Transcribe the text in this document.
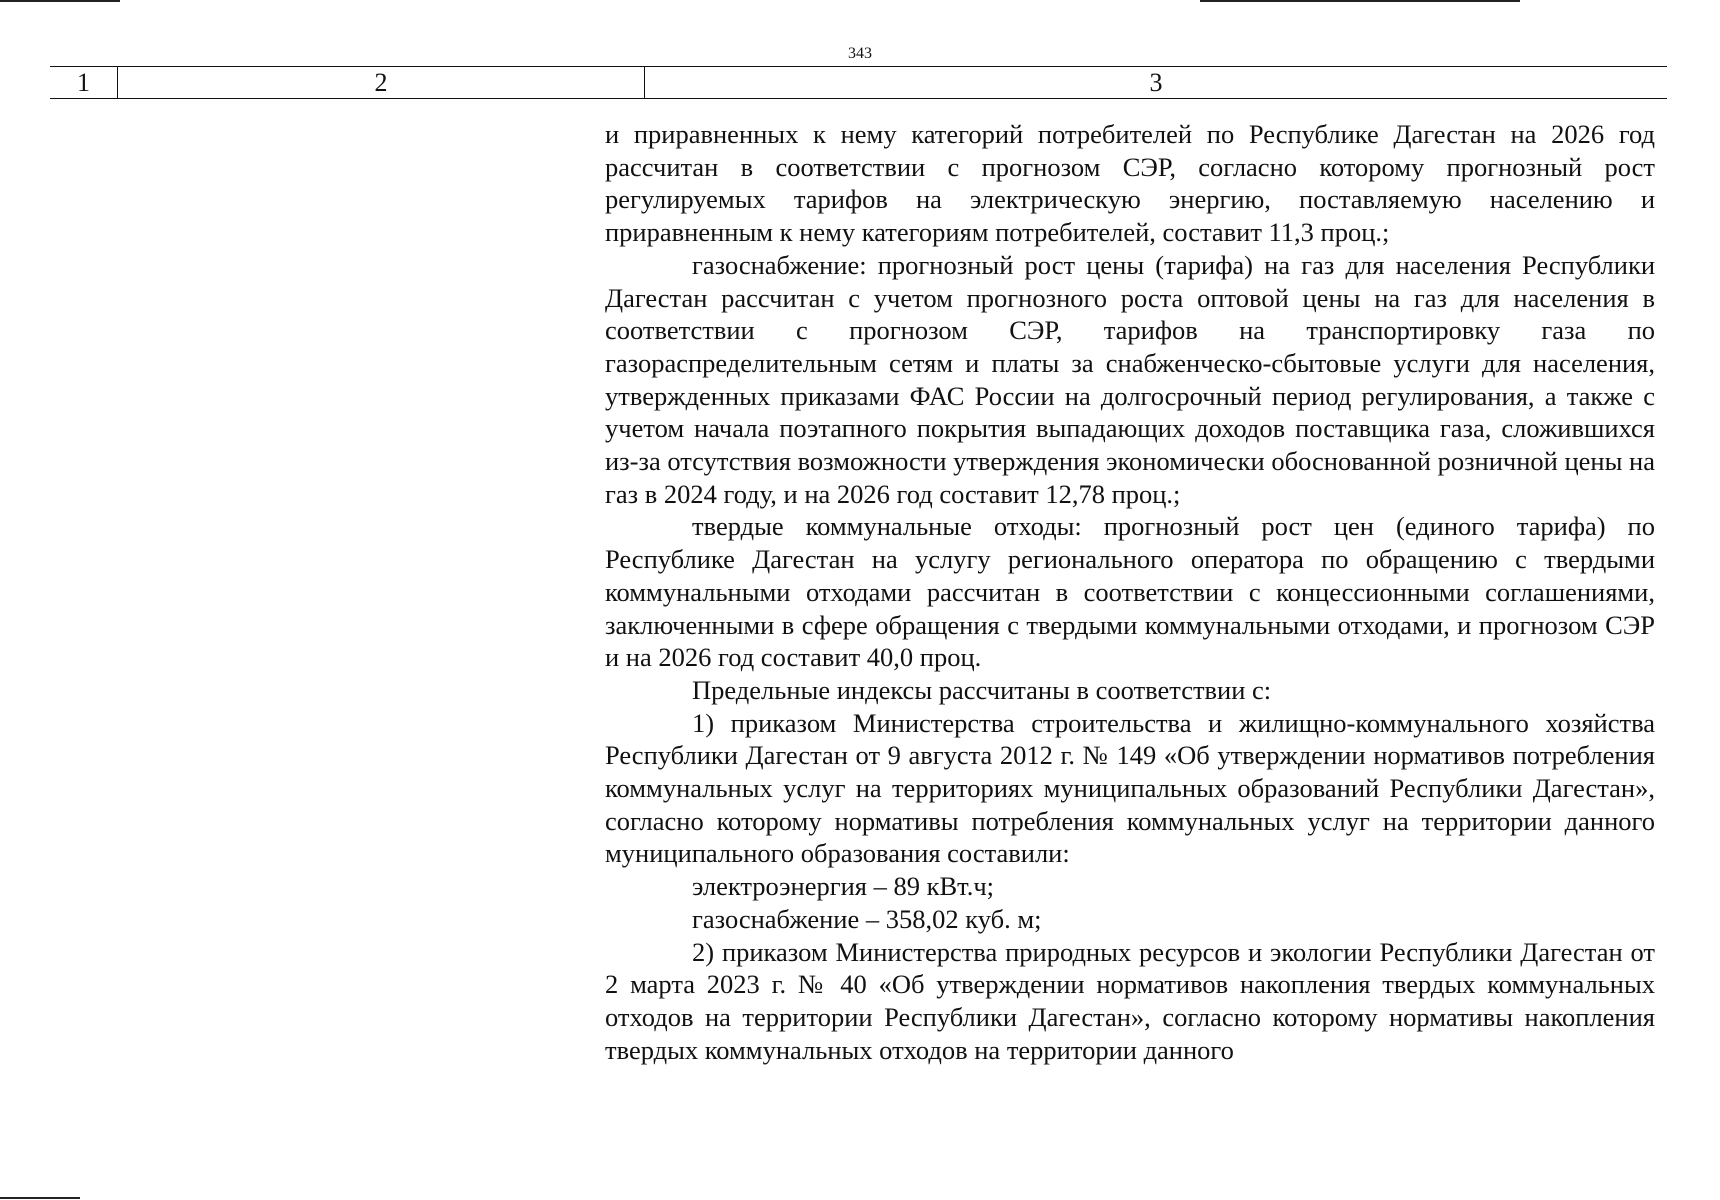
343
1	2	3

и приравненных к нему категорий потребителей по Республике Дагестан на 2026 год рассчитан в соответствии с прогнозом СЭР, согласно которому прогнозный рост регулируемых тарифов на электрическую энергию, поставляемую населению и приравненным к нему категориям потребителей, составит 11,3 проц.;

газоснабжение: прогнозный рост цены (тарифа) на газ для населения Республики Дагестан рассчитан с учетом прогнозного роста оптовой цены на газ для населения в соответствии с прогнозом СЭР, тарифов на транспортировку газа по газораспределительным сетям и платы за снабженческо-сбытовые услуги для населения, утвержденных приказами ФАС России на долгосрочный период регулирования, а также с учетом начала поэтапного покрытия выпадающих доходов поставщика газа, сложившихся из-за отсутствия возможности утверждения экономически обоснованной розничной цены на газ в 2024 году, и на 2026 год составит 12,78 проц.;

твердые коммунальные отходы: прогнозный рост цен (единого тарифа) по Республике Дагестан на услугу регионального оператора по обращению с твердыми коммунальными отходами рассчитан в соответствии с концессионными соглашениями, заключенными в сфере обращения с твердыми коммунальными отходами, и прогнозом СЭР и на 2026 год составит 40,0 проц.

Предельные индексы рассчитаны в соответствии с:

1) приказом Министерства строительства и жилищно-коммунального хозяйства Республики Дагестан от 9 августа 2012 г. № 149 «Об утверждении нормативов потребления коммунальных услуг на территориях муниципальных образований Республики Дагестан», согласно которому нормативы потребления коммунальных услуг на территории данного муниципального образования составили:

электроэнергия – 89 кВт.ч;

газоснабжение – 358,02 куб. м;

2) приказом Министерства природных ресурсов и экологии Республики Дагестан от 2 марта 2023 г. № 40 «Об утверждении нормативов накопления твердых коммунальных отходов на территории Республики Дагестан», согласно которому нормативы накопления твердых коммунальных отходов на территории данного
